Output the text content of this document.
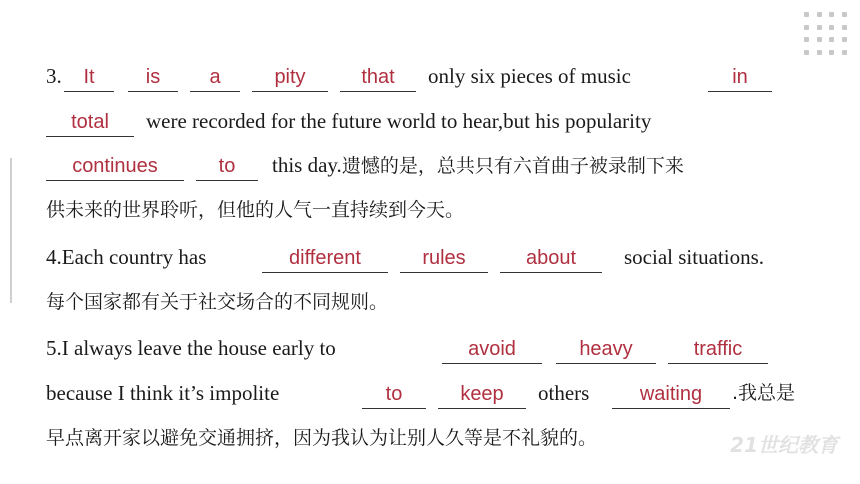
3.	It	is	a	pity	that	only six pieces of music	in
total	were recorded for the future world to hear,but his popularity
continues	to	this day.遗憾的是，总共只有六首曲子被录制下来
供未来的世界聆听，但他的人气一直持续到今天。
4.Each country has	different	rules	about	social situations.
每个国家都有关于社交场合的不同规则。
5.I always leave the house early to	avoid	heavy	traffic
because I think it’s impolite	to	keep	others	waiting	.我总是
早点离开家以避免交通拥挤，因为我认为让别人久等是不礼貌的。	21世纪教育
